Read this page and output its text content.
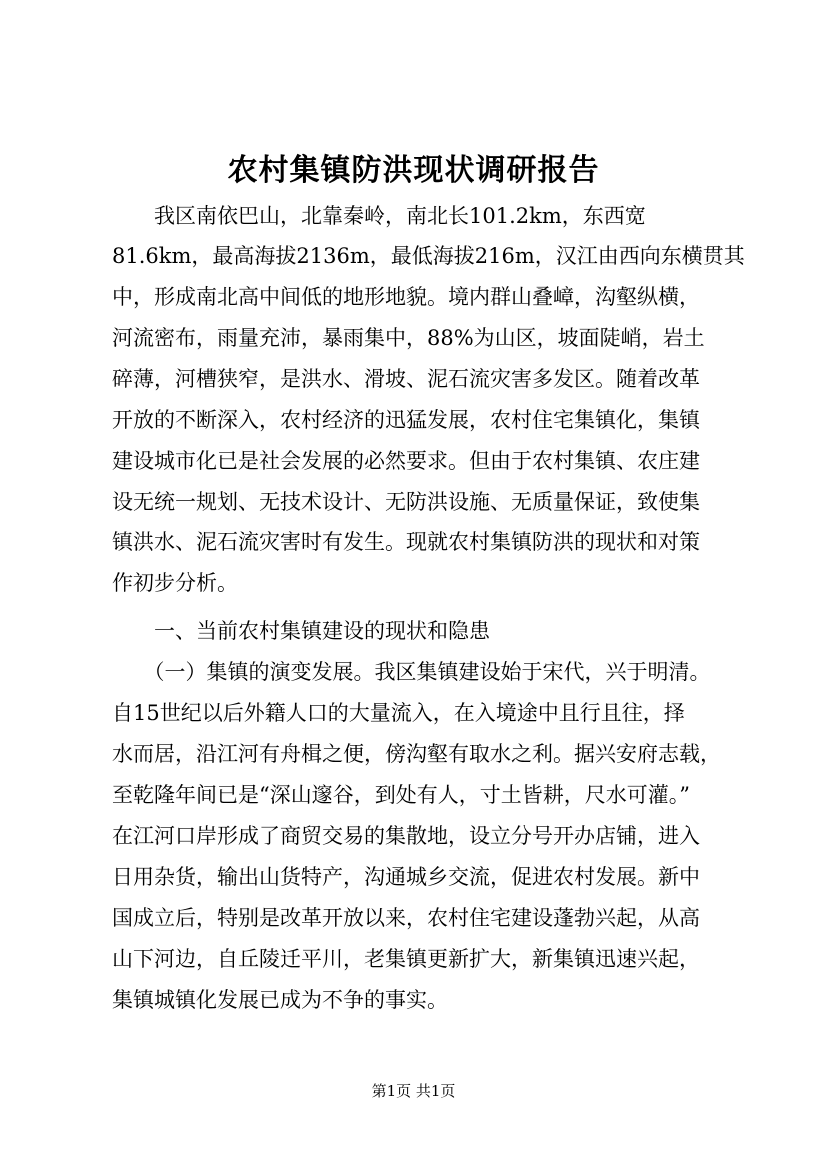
农村集镇防洪现状调研报告
　　我区南依巴山，北靠秦岭，南北长101.2km，东西宽
81.6km，最高海拔2136m，最低海拔216m，汉江由西向东横贯其
中，形成南北高中间低的地形地貌。境内群山叠嶂，沟壑纵横，
河流密布，雨量充沛，暴雨集中，88%为山区，坡面陡峭，岩土
碎薄，河槽狭窄，是洪水、滑坡、泥石流灾害多发区。随着改革
开放的不断深入，农村经济的迅猛发展，农村住宅集镇化，集镇
建设城市化已是社会发展的必然要求。但由于农村集镇、农庄建
设无统一规划、无技术设计、无防洪设施、无质量保证，致使集
镇洪水、泥石流灾害时有发生。现就农村集镇防洪的现状和对策
作初步分析。
　　一、当前农村集镇建设的现状和隐患
　　（一）集镇的演变发展。我区集镇建设始于宋代，兴于明清。
自15世纪以后外籍人口的大量流入，在入境途中且行且往，择
水而居，沿江河有舟楫之便，傍沟壑有取水之利。据兴安府志载，
至乾隆年间已是“深山邃谷，到处有人，寸土皆耕，尺水可灌。”
在江河口岸形成了商贸交易的集散地，设立分号开办店铺，进入
日用杂货，输出山货特产，沟通城乡交流，促进农村发展。新中
国成立后，特别是改革开放以来，农村住宅建设蓬勃兴起，从高
山下河边，自丘陵迁平川，老集镇更新扩大，新集镇迅速兴起，
集镇城镇化发展已成为不争的事实。
第1页 共1页
